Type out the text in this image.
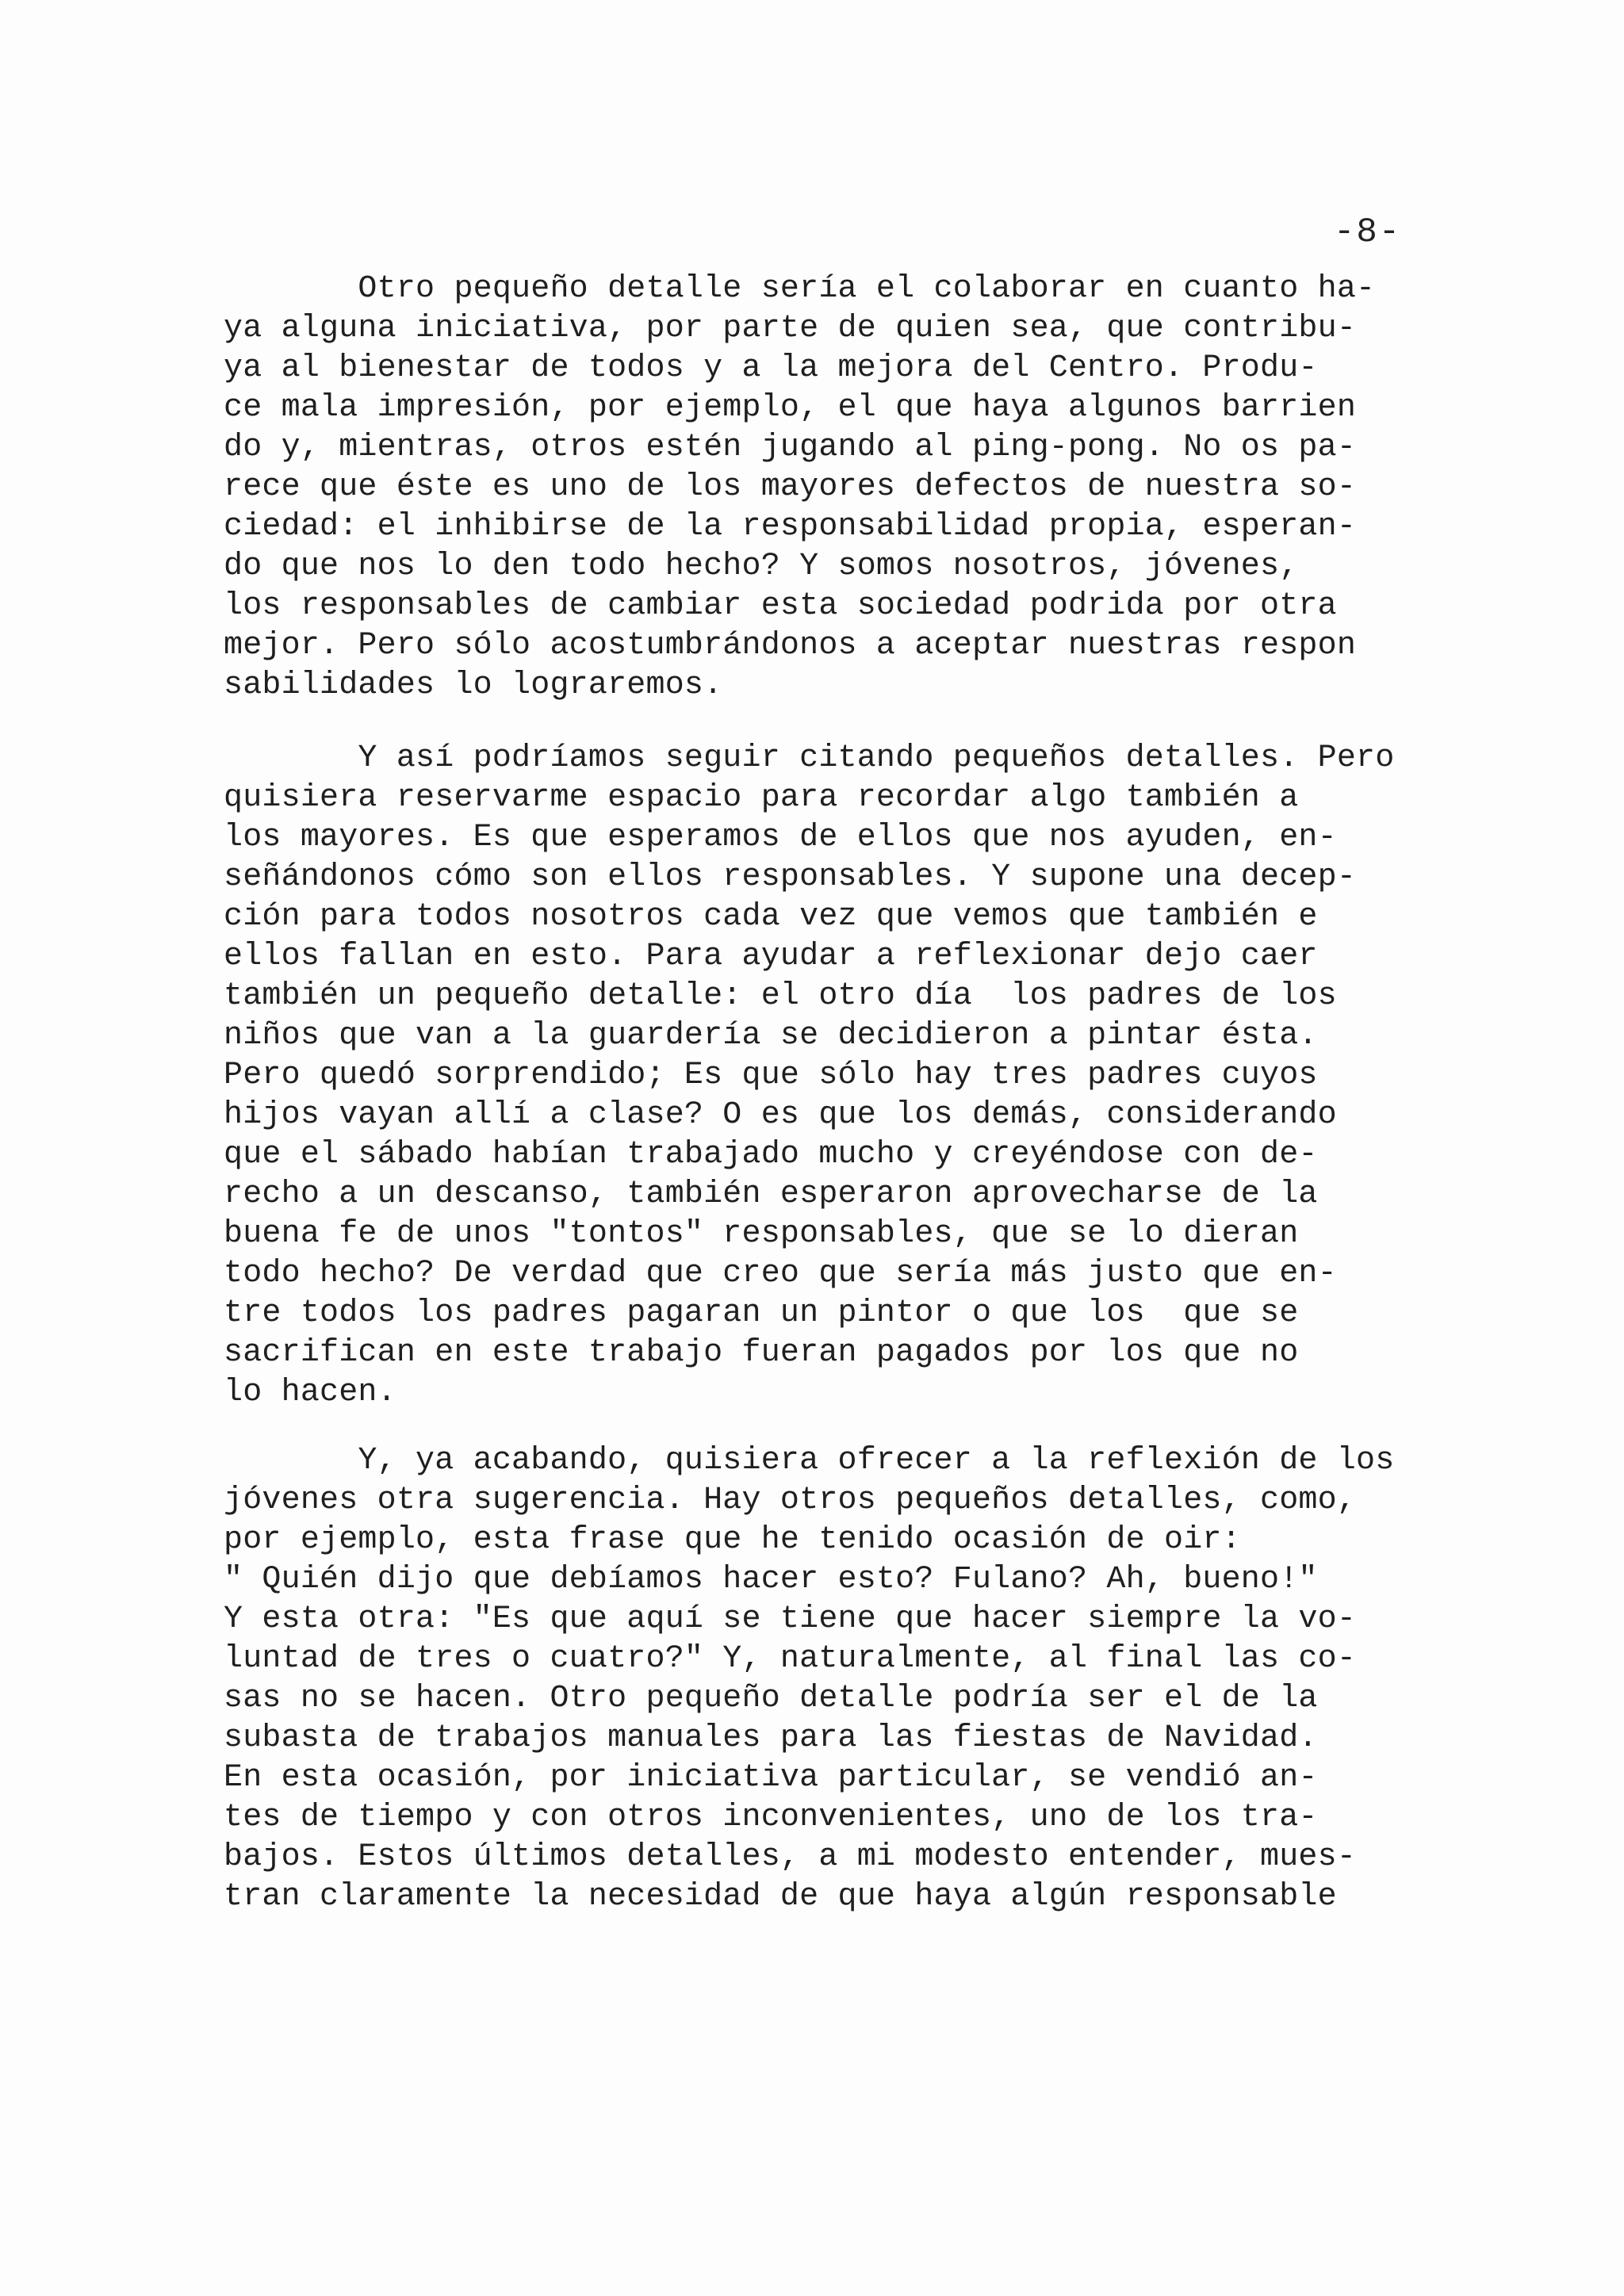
-8-
Otro pequeño detalle sería el colaborar en cuanto ha-
ya alguna iniciativa, por parte de quien sea, que contribu-
ya al bienestar de todos y a la mejora del Centro. Produ-
ce mala impresión, por ejemplo, el que haya algunos barrien
do y, mientras, otros estén jugando al ping-pong. No os pa-
rece que éste es uno de los mayores defectos de nuestra so-
ciedad: el inhibirse de la responsabilidad propia, esperan-
do que nos lo den todo hecho? Y somos nosotros, jóvenes,
los responsables de cambiar esta sociedad podrida por otra
mejor. Pero sólo acostumbrándonos a aceptar nuestras respon
sabilidades lo lograremos.
Y así podríamos seguir citando pequeños detalles. Pero
quisiera reservarme espacio para recordar algo también a
los mayores. Es que esperamos de ellos que nos ayuden, en-
señándonos cómo son ellos responsables. Y supone una decep-
ción para todos nosotros cada vez que vemos que también e
ellos fallan en esto. Para ayudar a reflexionar dejo caer
también un pequeño detalle: el otro día  los padres de los
niños que van a la guardería se decidieron a pintar ésta.
Pero quedó sorprendido; Es que sólo hay tres padres cuyos
hijos vayan allí a clase? O es que los demás, considerando
que el sábado habían trabajado mucho y creyéndose con de-
recho a un descanso, también esperaron aprovecharse de la
buena fe de unos "tontos" responsables, que se lo dieran
todo hecho? De verdad que creo que sería más justo que en-
tre todos los padres pagaran un pintor o que los  que se
sacrifican en este trabajo fueran pagados por los que no
lo hacen.
Y, ya acabando, quisiera ofrecer a la reflexión de los
jóvenes otra sugerencia. Hay otros pequeños detalles, como,
por ejemplo, esta frase que he tenido ocasión de oir:
" Quién dijo que debíamos hacer esto? Fulano? Ah, bueno!"
Y esta otra: "Es que aquí se tiene que hacer siempre la vo-
luntad de tres o cuatro?" Y, naturalmente, al final las co-
sas no se hacen. Otro pequeño detalle podría ser el de la
subasta de trabajos manuales para las fiestas de Navidad.
En esta ocasión, por iniciativa particular, se vendió an-
tes de tiempo y con otros inconvenientes, uno de los tra-
bajos. Estos últimos detalles, a mi modesto entender, mues-
tran claramente la necesidad de que haya algún responsable
